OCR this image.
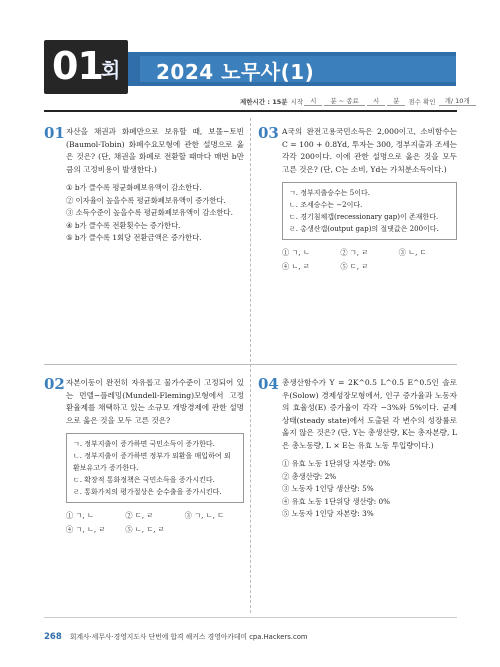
01
회 2024 노무사(1)
제한시간 : 15분 시작	시	분 ~ 종료	시	분	점수 확인	개/ 10개
01 자산을 채권과 화폐만으로 보유할 때, 보몰−토빈(Baumol-Tobin) 화폐수요모형에 관한 설명으로 옳은 것은? (단, 채권을 화폐로 전환할 때마다 매번 b만큼의 고정비용이 발생한다.)
① b가 클수록 평균화폐보유액이 감소한다.
② 이자율이 높을수록 평균화폐보유액이 증가한다.
③ 소득수준이 높을수록 평균화폐보유액이 감소한다.
④ b가 클수록 전환횟수는 증가한다.
⑤ b가 클수록 1회당 전환금액은 증가한다.
03 A국의 완전고용국민소득은 2,000이고, 소비함수는 C = 100 + 0.8Yd, 투자는 300, 정부지출과 조세는 각각 200이다. 이에 관한 설명으로 옳은 것을 모두 고른 것은? (단, C는 소비, Yd는 가처분소득이다.)
ㄱ. 정부지출승수는 5이다.
ㄴ. 조세승수는 −2이다.
ㄷ. 경기침체갭(recessionary gap)이 존재한다.
ㄹ. 총생산갭(output gap)의 절댓값은 200이다.
① ㄱ, ㄴ	② ㄱ, ㄹ	③ ㄴ, ㄷ
④ ㄴ, ㄹ	⑤ ㄷ, ㄹ
02 자본이동이 완전히 자유롭고 물가수준이 고정되어 있는 먼델−플레밍(Mundell-Fleming)모형에서 고정환율제를 채택하고 있는 소규모 개방경제에 관한 설명으로 옳은 것을 모두 고른 것은?
ㄱ. 정부지출이 증가하면 국민소득이 증가한다.
ㄴ. 정부지출이 증가하면 정부가 외환을 매입하여 외환보유고가 증가한다.
ㄷ. 확장적 통화정책은 국민소득을 증가시킨다.
ㄹ. 통화가치의 평가절상은 순수출을 증가시킨다.
① ㄱ, ㄴ	② ㄷ, ㄹ	③ ㄱ, ㄴ, ㄷ
④ ㄱ, ㄴ, ㄹ	⑤ ㄴ, ㄷ, ㄹ
04 총생산함수가 Y = 2K^0.5 L^0.5 E^0.5인 솔로우(Solow) 경제성장모형에서, 인구 증가율과 노동자의 효율성(E) 증가율이 각각 −3%와 5%이다. 균제상태(steady state)에서 도출된 각 변수의 성장률로 옳지 않은 것은? (단, Y는 총생산량, K는 총자본량, L은 총노동량, L × E는 유효 노동 투입량이다.)
① 유효 노동 1단위당 자본량: 0%
② 총생산량: 2%
③ 노동자 1인당 생산량: 5%
④ 유효 노동 1단위당 생산량: 0%
⑤ 노동자 1인당 자본량: 3%
268 회계사·세무사·경영지도사 단번에 합격 해커스 경영아카데미 cpa.Hackers.com
